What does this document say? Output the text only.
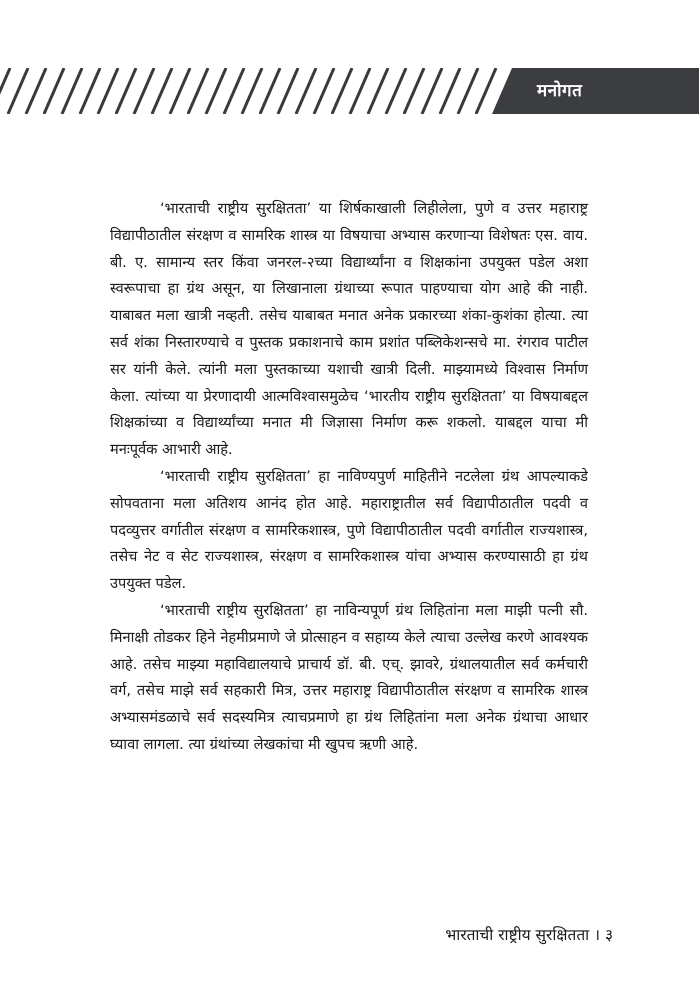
मनोगत

‘भारताची राष्ट्रीय सुरक्षितता’ या शिर्षकाखाली लिहीलेला, पुणे व उत्तर महाराष्ट्र विद्यापीठातील संरक्षण व सामरिक शास्त्र या विषयाचा अभ्यास करणाऱ्या विशेषतः एस. वाय. बी. ए. सामान्य स्तर किंवा जनरल-२च्या विद्यार्थ्यांना व शिक्षकांना उपयुक्त पडेल अशा स्वरूपाचा हा ग्रंथ असून, या लिखानाला ग्रंथाच्या रूपात पाहण्याचा योग आहे की नाही. याबाबत मला खात्री नव्हती. तसेच याबाबत मनात अनेक प्रकारच्या शंका-कुशंका होत्या. त्या सर्व शंका निस्तारण्याचे व पुस्तक प्रकाशनाचे काम प्रशांत पब्लिकेशन्सचे मा. रंगराव पाटील सर यांनी केले. त्यांनी मला पुस्तकाच्या यशाची खात्री दिली. माझ्यामध्ये विश्वास निर्माण केला. त्यांच्या या प्रेरणादायी आत्मविश्वासमुळेच ‘भारतीय राष्ट्रीय सुरक्षितता’ या विषयाबद्दल शिक्षकांच्या व विद्यार्थ्यांच्या मनात मी जिज्ञासा निर्माण करू शकलो. याबद्दल याचा मी मनःपूर्वक आभारी आहे.

‘भारताची राष्ट्रीय सुरक्षितता’ हा नाविण्यपुर्ण माहितीने नटलेला ग्रंथ आपल्याकडे सोपवताना मला अतिशय आनंद होत आहे. महाराष्ट्रातील सर्व विद्यापीठातील पदवी व पदव्युत्तर वर्गातील संरक्षण व सामरिकशास्त्र, पुणे विद्यापीठातील पदवी वर्गातील राज्यशास्त्र, तसेच नेट व सेट राज्यशास्त्र, संरक्षण व सामरिकशास्त्र यांचा अभ्यास करण्यासाठी हा ग्रंथ उपयुक्त पडेल.

‘भारताची राष्ट्रीय सुरक्षितता’ हा नाविन्यपूर्ण ग्रंथ लिहितांना मला माझी पत्नी सौ. मिनाक्षी तोडकर हिने नेहमीप्रमाणे जे प्रोत्साहन व सहाय्य केले त्याचा उल्लेख करणे आवश्यक आहे. तसेच माझ्या महाविद्यालयाचे प्राचार्य डॉ. बी. एच्. झावरे, ग्रंथालयातील सर्व कर्मचारी वर्ग, तसेच माझे सर्व सहकारी मित्र, उत्तर महाराष्ट्र विद्यापीठातील संरक्षण व सामरिक शास्त्र अभ्यासमंडळाचे सर्व सदस्यमित्र त्याचप्रमाणे हा ग्रंथ लिहितांना मला अनेक ग्रंथाचा आधार घ्यावा लागला. त्या ग्रंथांच्या लेखकांचा मी खुपच ऋणी आहे.

भारताची राष्ट्रीय सुरक्षितता । ३
